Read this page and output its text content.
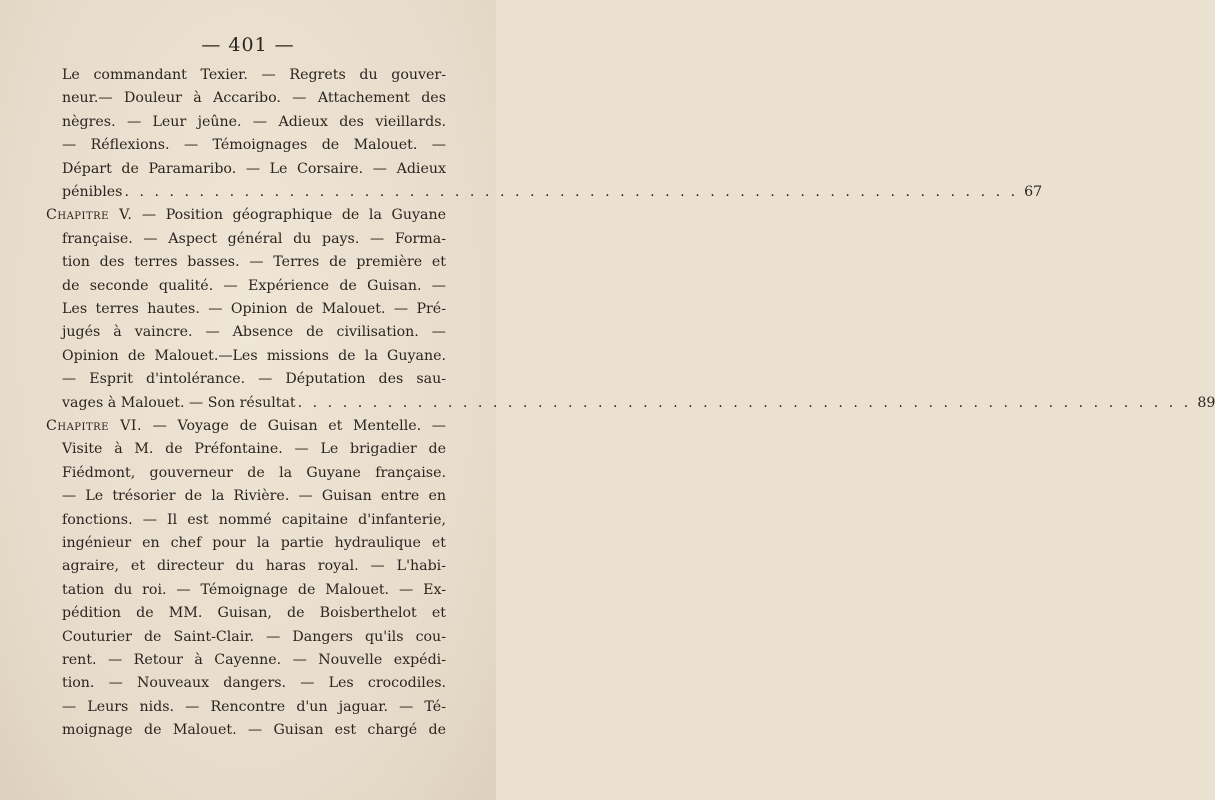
— 401 —
Le commandant Texier. — Regrets du gouver-
neur.— Douleur à Accaribo. — Attachement des
nègres. — Leur jeûne. — Adieux des vieillards.
— Réflexions. — Témoignages de Malouet. —
Départ de Paramaribo. — Le Corsaire. — Adieux
pénibles . . . . . . . . . . . . . . . . . . . . . . . . . . . . . . . . . . . . . . . . . . . . . . . . . . . . . . . . . . . . 67
Chapitre V. — Position géographique de la Guyane
française. — Aspect général du pays. — Forma-
tion des terres basses. — Terres de première et
de seconde qualité. — Expérience de Guisan. —
Les terres hautes. — Opinion de Malouet. — Pré-
jugés à vaincre. — Absence de civilisation. —
Opinion de Malouet.—Les missions de la Guyane.
— Esprit d'intolérance. — Députation des sau-
vages à Malouet. — Son résultat . . . . . . . . . . . . . . . . . . . . . . . . . . . . . . . . . . . . . . . . . . . . . . . . . . . . . . . . . . . . 89
Chapitre VI. — Voyage de Guisan et Mentelle. —
Visite à M. de Préfontaine. — Le brigadier de
Fiédmont, gouverneur de la Guyane française.
— Le trésorier de la Rivière. — Guisan entre en
fonctions. — Il est nommé capitaine d'infanterie,
ingénieur en chef pour la partie hydraulique et
agraire, et directeur du haras royal. — L'habi-
tation du roi. — Témoignage de Malouet. — Ex-
pédition de MM. Guisan, de Boisberthelot et
Couturier de Saint-Clair. — Dangers qu'ils cou-
rent. — Retour à Cayenne. — Nouvelle expédi-
tion. — Nouveaux dangers. — Les crocodiles.
— Leurs nids. — Rencontre d'un jaguar. — Té-
moignage de Malouet. — Guisan est chargé de
